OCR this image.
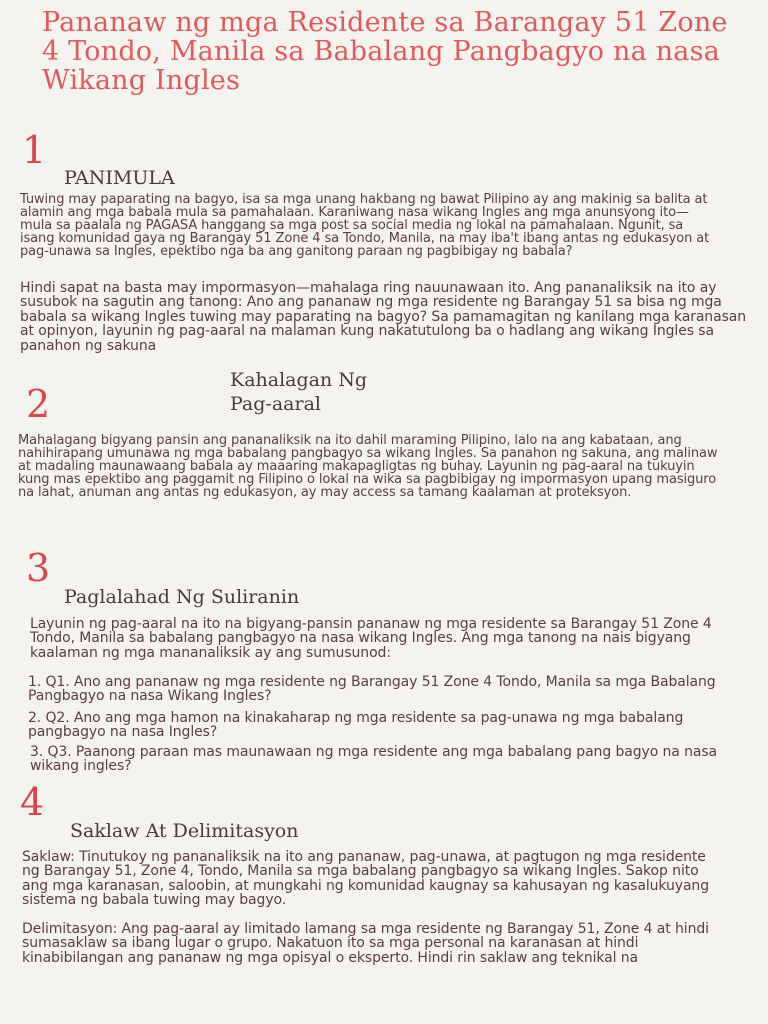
Pananaw ng mga Residente sa Barangay 51 Zone 4 Tondo, Manila sa Babalang Pangbagyo na nasa Wikang Ingles
1
PANIMULA

Tuwing may paparating na bagyo, isa sa mga unang hakbang ng bawat Pilipino ay ang makinig sa balita at alamin ang mga babala mula sa pamahalaan. Karaniwang nasa wikang Ingles ang mga anunsyong ito—mula sa paalala ng PAGASA hanggang sa mga post sa social media ng lokal na pamahalaan. Ngunit, sa isang komunidad gaya ng Barangay 51 Zone 4 sa Tondo, Manila, na may iba't ibang antas ng edukasyon at pag-unawa sa Ingles, epektibo nga ba ang ganitong paraan ng pagbibigay ng babala?

Hindi sapat na basta may impormasyon—mahalaga ring nauunawaan ito. Ang pananaliksik na ito ay susubok na sagutin ang tanong: Ano ang pananaw ng mga residente ng Barangay 51 sa bisa ng mga babala sa wikang Ingles tuwing may paparating na bagyo? Sa pamamagitan ng kanilang mga karanasan at opinyon, layunin ng pag-aaral na malaman kung nakatutulong ba o hadlang ang wikang Ingles sa panahon ng sakuna

Kahalagan Ng
Pag-aaral
2

Mahalagang bigyang pansin ang pananaliksik na ito dahil maraming Pilipino, lalo na ang kabataan, ang nahihirapang umunawa ng mga babalang pangbagyo sa wikang Ingles. Sa panahon ng sakuna, ang malinaw at madaling maunawaang babala ay maaaring makapagligtas ng buhay. Layunin ng pag-aaral na tukuyin kung mas epektibo ang paggamit ng Filipino o lokal na wika sa pagbibigay ng impormasyon upang masiguro na lahat, anuman ang antas ng edukasyon, ay may access sa tamang kaalaman at proteksyon.

3
Paglalahad Ng Suliranin

Layunin ng pag-aaral na ito na bigyang-pansin pananaw ng mga residente sa Barangay 51 Zone 4 Tondo, Manila sa babalang pangbagyo na nasa wikang Ingles. Ang mga tanong na nais bigyang kaalaman ng mga mananaliksik ay ang sumusunod:

1. Q1. Ano ang pananaw ng mga residente ng Barangay 51 Zone 4 Tondo, Manila sa mga Babalang Pangbagyo na nasa Wikang Ingles?

2. Q2. Ano ang mga hamon na kinakaharap ng mga residente sa pag-unawa ng mga babalang pangbagyo na nasa Ingles?

3. Q3. Paanong paraan mas maunawaan ng mga residente ang mga babalang pang bagyo na nasa wikang ingles?

4
Saklaw At Delimitasyon

Saklaw: Tinutukoy ng pananaliksik na ito ang pananaw, pag-unawa, at pagtugon ng mga residente ng Barangay 51, Zone 4, Tondo, Manila sa mga babalang pangbagyo sa wikang Ingles. Sakop nito ang mga karanasan, saloobin, at mungkahi ng komunidad kaugnay sa kahusayan ng kasalukuyang sistema ng babala tuwing may bagyo.

Delimitasyon: Ang pag-aaral ay limitado lamang sa mga residente ng Barangay 51, Zone 4 at hindi sumasaklaw sa ibang lugar o grupo. Nakatuon ito sa mga personal na karanasan at hindi kinabibilangan ang pananaw ng mga opisyal o eksperto. Hindi rin saklaw ang teknikal na
